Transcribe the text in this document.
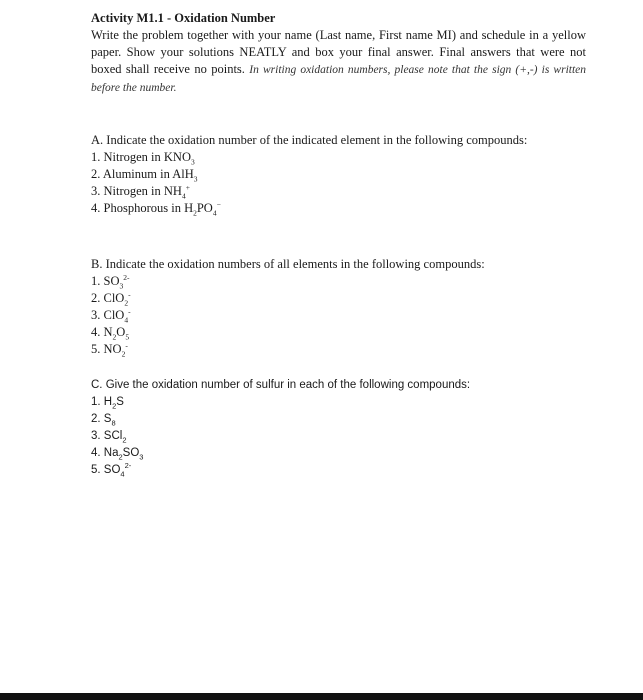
Activity M1.1 - Oxidation Number

Write the problem together with your name (Last name, First name MI) and schedule in a yellow paper. Show your solutions NEATLY and box your final answer. Final answers that were not boxed shall receive no points. In writing oxidation numbers, please note that the sign (+,-) is written before the number.

A. Indicate the oxidation number of the indicated element in the following compounds:

1. Nitrogen in $KNO_3$
2. Aluminum in AlH$_3$
3. Nitrogen in $NH_4^+$
4. Phosphorous in $H_2PO_4^-$

B. Indicate the oxidation numbers of all elements in the following compounds:

1. $SO_3^{2-}$
2. ClO$_2$-
3. ClO$_4$-
4. $N_2O_5$
5. $NO_2^-$

C. Give the oxidation number of sulfur in each of the following compounds:

1. $H_2S$
2. $S_8$
3. SCl$_2$
4. $Na_2SO_3$
5. $SO_4^{2-}$
